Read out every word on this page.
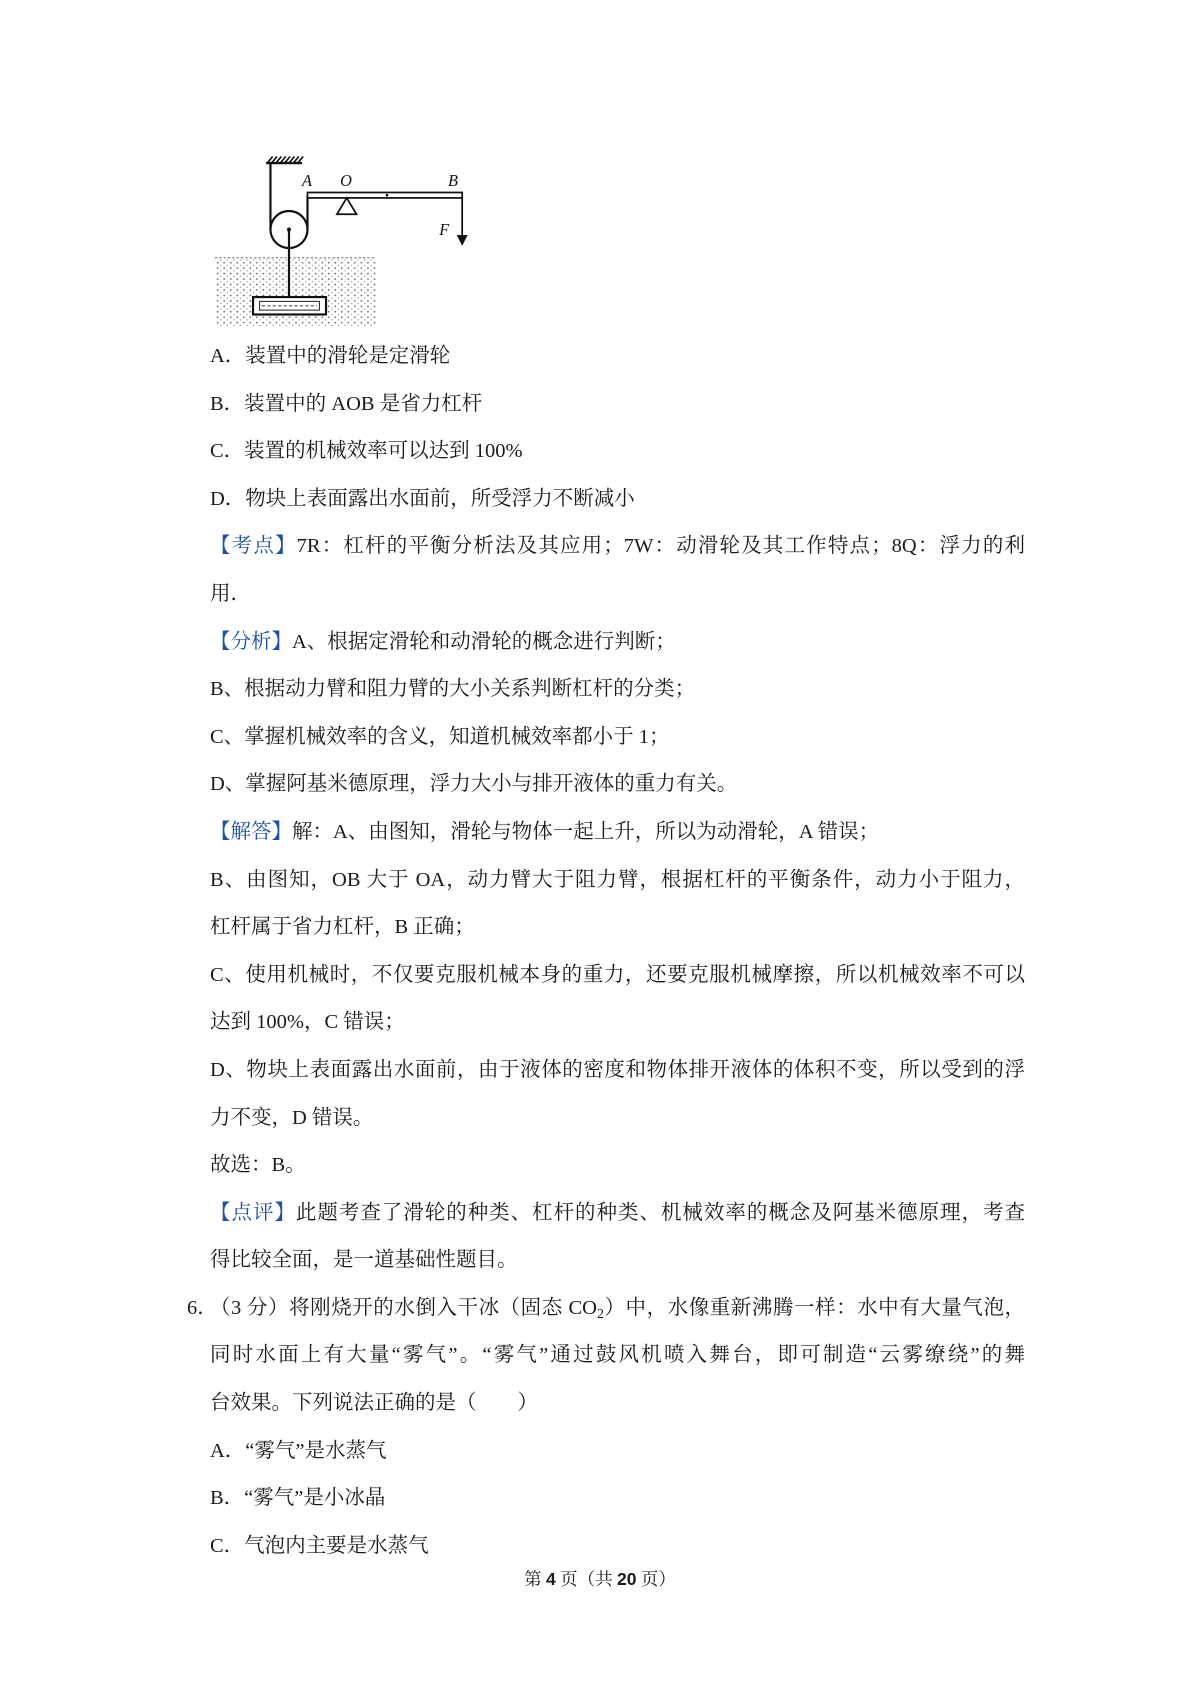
A O	B
F
A．装置中的滑轮是定滑轮
B．装置中的 AOB 是省力杠杆
C．装置的机械效率可以达到 100%
D．物块上表面露出水面前，所受浮力不断减小
【考点】7R：杠杆的平衡分析法及其应用；7W：动滑轮及其工作特点；8Q：浮力的利
用．
【分析】A、根据定滑轮和动滑轮的概念进行判断；
B、根据动力臂和阻力臂的大小关系判断杠杆的分类；
C、掌握机械效率的含义，知道机械效率都小于 1；
D、掌握阿基米德原理，浮力大小与排开液体的重力有关。
【解答】解：A、由图知，滑轮与物体一起上升，所以为动滑轮，A 错误；
B、由图知，OB 大于 OA，动力臂大于阻力臂，根据杠杆的平衡条件，动力小于阻力，
杠杆属于省力杠杆，B 正确；
C、使用机械时，不仅要克服机械本身的重力，还要克服机械摩擦，所以机械效率不可以
达到 100%，C 错误；
D、物块上表面露出水面前，由于液体的密度和物体排开液体的体积不变，所以受到的浮
力不变，D 错误。
故选：B。
【点评】此题考查了滑轮的种类、杠杆的种类、机械效率的概念及阿基米德原理，考查
得比较全面，是一道基础性题目。
6．
（3 分）将刚烧开的水倒入干冰（固态 $CO_2$）中，水像重新沸腾一样：水中有大量气泡，
同时水面上有大量“雾气”。“雾气”通过鼓风机喷入舞台，即可制造“云雾缭绕”的舞
台效果。下列说法正确的是（　　）
A．“雾气”是水蒸气
B．“雾气”是小冰晶
C．气泡内主要是水蒸气
第 4 页（共 20 页）
